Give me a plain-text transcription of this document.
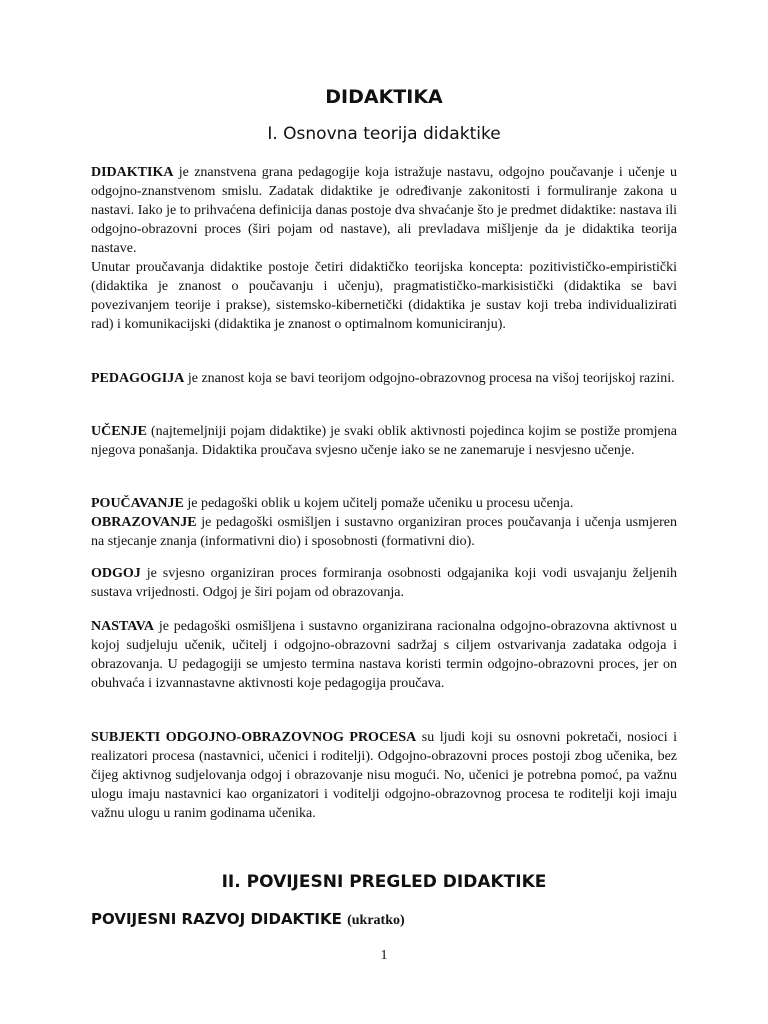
DIDAKTIKA
I. Osnovna teorija didaktike

DIDAKTIKA je znanstvena grana pedagogije koja istražuje nastavu, odgojno poučavanje i učenje u odgojno-znanstvenom smislu. Zadatak didaktike je određivanje zakonitosti i formuliranje zakona u nastavi. Iako je to prihvaćena definicija danas postoje dva shvaćanje što je predmet didaktike: nastava ili odgojno-obrazovni proces (širi pojam od nastave), ali prevladava mišljenje da je didaktika teorija nastave.

Unutar proučavanja didaktike postoje četiri didaktičko teorijska koncepta: pozitivističko-empiristički (didaktika je znanost o poučavanju i učenju), pragmatističko-markisistički (didaktika se bavi povezivanjem teorije i prakse), sistemsko-kibernetički (didaktika je sustav koji treba individualizirati rad) i komunikacijski (didaktika je znanost o optimalnom komuniciranju).

PEDAGOGIJA je znanost koja se bavi teorijom odgojno-obrazovnog procesa na višoj teorijskoj razini.

UČENJE (najtemeljniji pojam didaktike) je svaki oblik aktivnosti pojedinca kojim se postiže promjena njegova ponašanja. Didaktika proučava svjesno učenje iako se ne zanemaruje i nesvjesno učenje.

POUČAVANJE je pedagoški oblik u kojem učitelj pomaže učeniku u procesu učenja.

OBRAZOVANJE je pedagoški osmišljen i sustavno organiziran proces poučavanja i učenja usmjeren na stjecanje znanja (informativni dio) i sposobnosti (formativni dio).

ODGOJ je svjesno organiziran proces formiranja osobnosti odgajanika koji vodi usvajanju željenih sustava vrijednosti. Odgoj je širi pojam od obrazovanja.

NASTAVA je pedagoški osmišljena i sustavno organizirana racionalna odgojno-obrazovna aktivnost u kojoj sudjeluju učenik, učitelj i odgojno-obrazovni sadržaj s ciljem ostvarivanja zadataka odgoja i obrazovanja. U pedagogiji se umjesto termina nastava koristi termin odgojno-obrazovni proces, jer on obuhvaća i izvannastavne aktivnosti koje pedagogija proučava.

SUBJEKTI ODGOJNO-OBRAZOVNOG PROCESA su ljudi koji su osnovni pokretači, nosioci i realizatori procesa (nastavnici, učenici i roditelji). Odgojno-obrazovni proces postoji zbog učenika, bez čijeg aktivnog sudjelovanja odgoj i obrazovanje nisu mogući. No, učenici je potrebna pomoć, pa važnu ulogu imaju nastavnici kao organizatori i voditelji odgojno-obrazovnog procesa te roditelji koji imaju važnu ulogu u ranim godinama učenika.

II. POVIJESNI PREGLED DIDAKTIKE
POVIJESNI RAZVOJ DIDAKTIKE (ukratko)
1
